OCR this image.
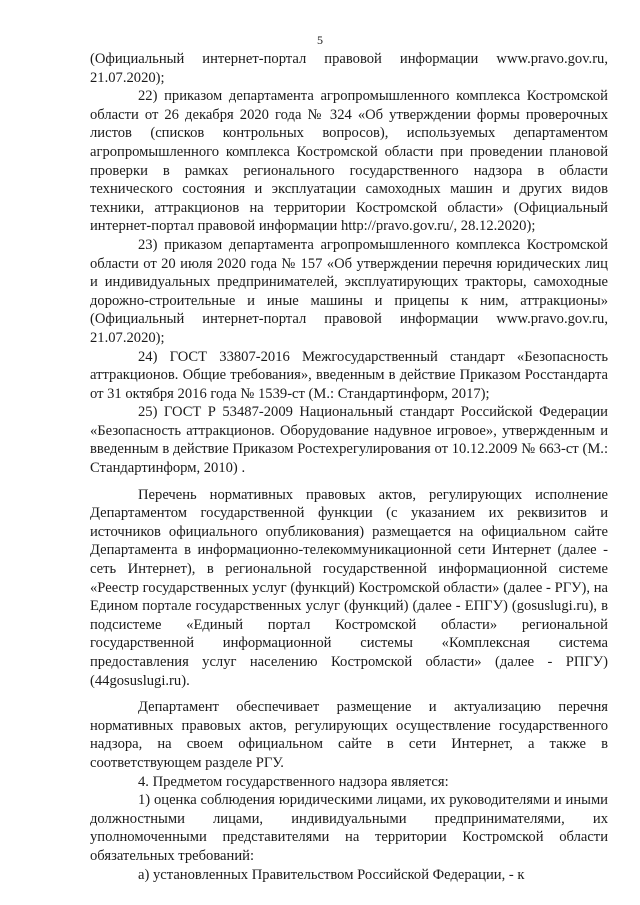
5

(Официальный интернет-портал правовой информации www.pravo.gov.ru, 21.07.2020);

22) приказом департамента агропромышленного комплекса Костромской области от 26 декабря 2020 года № 324 «Об утверждении формы проверочных листов (списков контрольных вопросов), используемых департаментом агропромышленного комплекса Костромской области при проведении плановой проверки в рамках регионального государственного надзора в области технического состояния и эксплуатации самоходных машин и других видов техники, аттракционов на территории Костромской области» (Официальный интернет-портал правовой информации http://pravo.gov.ru/, 28.12.2020);

23) приказом департамента агропромышленного комплекса Костромской области от 20 июля 2020 года № 157 «Об утверждении перечня юридических лиц и индивидуальных предпринимателей, эксплуатирующих тракторы, самоходные дорожно-строительные и иные машины и прицепы к ним, аттракционы» (Официальный интернет-портал правовой информации www.pravo.gov.ru, 21.07.2020);

24) ГОСТ 33807-2016 Межгосударственный стандарт «Безопасность аттракционов. Общие требования», введенным в действие Приказом Росстандарта от 31 октября 2016 года № 1539-ст (М.: Стандартинформ, 2017);

25) ГОСТ Р 53487-2009 Национальный стандарт Российской Федерации «Безопасность аттракционов. Оборудование надувное игровое», утвержденным и введенным в действие Приказом Ростехрегулирования от 10.12.2009 № 663-ст (М.: Стандартинформ, 2010) .

Перечень нормативных правовых актов, регулирующих исполнение Департаментом государственной функции (с указанием их реквизитов и источников официального опубликования) размещается на официальном сайте Департамента в информационно-телекоммуникационной сети Интернет (далее - сеть Интернет), в региональной государственной информационной системе «Реестр государственных услуг (функций) Костромской области» (далее - РГУ), на Едином портале государственных услуг (функций) (далее - ЕПГУ) (gosuslugi.ru), в подсистеме «Единый портал Костромской области» региональной государственной информационной системы «Комплексная система предоставления услуг населению Костромской области» (далее - РПГУ) (44gosuslugi.ru).

Департамент обеспечивает размещение и актуализацию перечня нормативных правовых актов, регулирующих осуществление государственного надзора, на своем официальном сайте в сети Интернет, а также в соответствующем разделе РГУ.

4. Предметом государственного надзора является:

1) оценка соблюдения юридическими лицами, их руководителями и иными должностными лицами, индивидуальными предпринимателями, их уполномоченными представителями на территории Костромской области обязательных требований:

а) установленных Правительством Российской Федерации, - к
